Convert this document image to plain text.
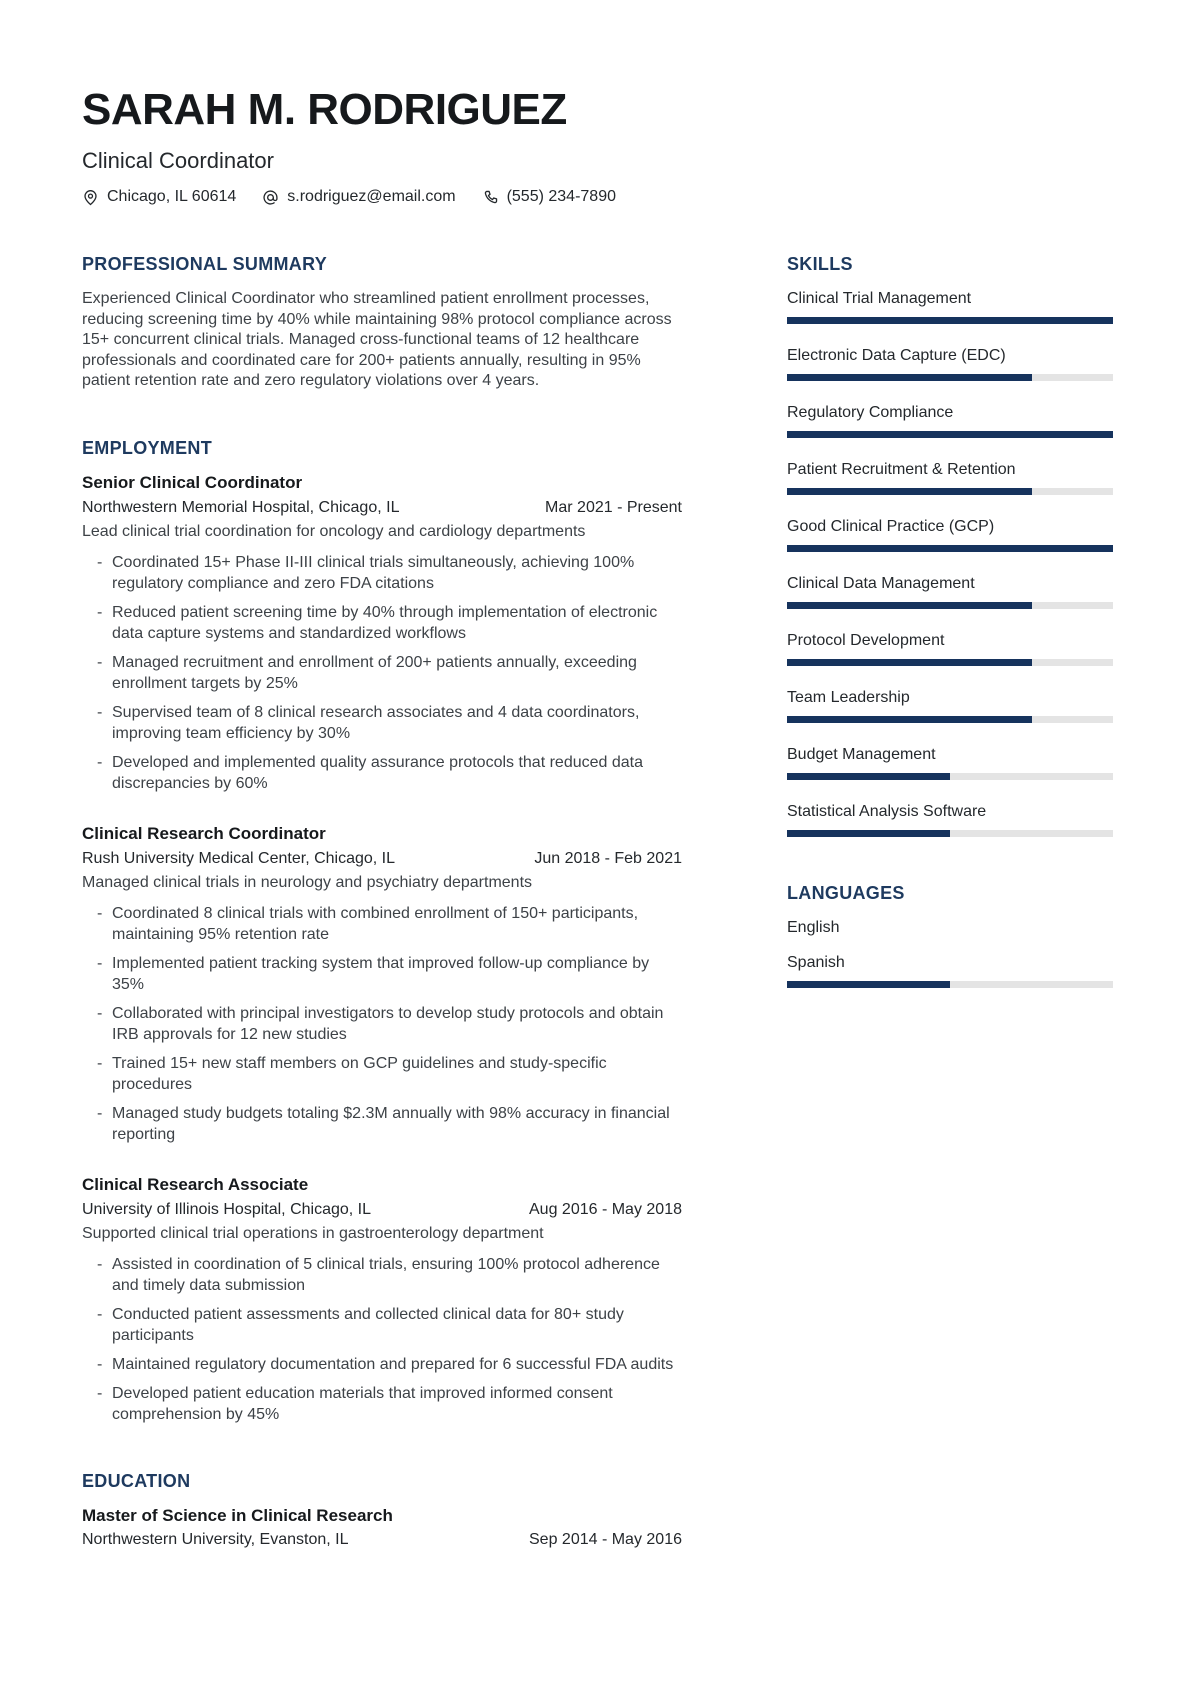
SARAH M. RODRIGUEZ
Clinical Coordinator
Chicago, IL 60614	s.rodriguez@email.com	(555) 234-7890
PROFESSIONAL SUMMARY

Experienced Clinical Coordinator who streamlined patient enrollment processes, reducing screening time by 40% while maintaining 98% protocol compliance across 15+ concurrent clinical trials. Managed cross-functional teams of 12 healthcare professionals and coordinated care for 200+ patients annually, resulting in 95% patient retention rate and zero regulatory violations over 4 years.

EMPLOYMENT
Senior Clinical Coordinator
Northwestern Memorial Hospital, Chicago, IL	Mar 2021 - Present

Lead clinical trial coordination for oncology and cardiology departments

- Coordinated 15+ Phase II-III clinical trials simultaneously, achieving 100% regulatory compliance and zero FDA citations
- Reduced patient screening time by 40% through implementation of electronic data capture systems and standardized workflows
- Managed recruitment and enrollment of 200+ patients annually, exceeding enrollment targets by 25%
- Supervised team of 8 clinical research associates and 4 data coordinators, improving team efficiency by 30%
- Developed and implemented quality assurance protocols that reduced data discrepancies by 60%
Clinical Research Coordinator
Rush University Medical Center, Chicago, IL	Jun 2018 - Feb 2021

Managed clinical trials in neurology and psychiatry departments

- Coordinated 8 clinical trials with combined enrollment of 150+ participants, maintaining 95% retention rate
- Implemented patient tracking system that improved follow-up compliance by 35%
- Collaborated with principal investigators to develop study protocols and obtain IRB approvals for 12 new studies
- Trained 15+ new staff members on GCP guidelines and study-specific procedures
- Managed study budgets totaling $2.3M annually with 98% accuracy in financial reporting
Clinical Research Associate
University of Illinois Hospital, Chicago, IL	Aug 2016 - May 2018

Supported clinical trial operations in gastroenterology department

- Assisted in coordination of 5 clinical trials, ensuring 100% protocol adherence and timely data submission
- Conducted patient assessments and collected clinical data for 80+ study participants
- Maintained regulatory documentation and prepared for 6 successful FDA audits
- Developed patient education materials that improved informed consent comprehension by 45%
EDUCATION
Master of Science in Clinical Research
Northwestern University, Evanston, IL	Sep 2014 - May 2016
SKILLS
Clinical Trial Management
Electronic Data Capture (EDC)
Regulatory Compliance
Patient Recruitment & Retention
Good Clinical Practice (GCP)
Clinical Data Management
Protocol Development
Team Leadership
Budget Management
Statistical Analysis Software
LANGUAGES
English
Spanish
